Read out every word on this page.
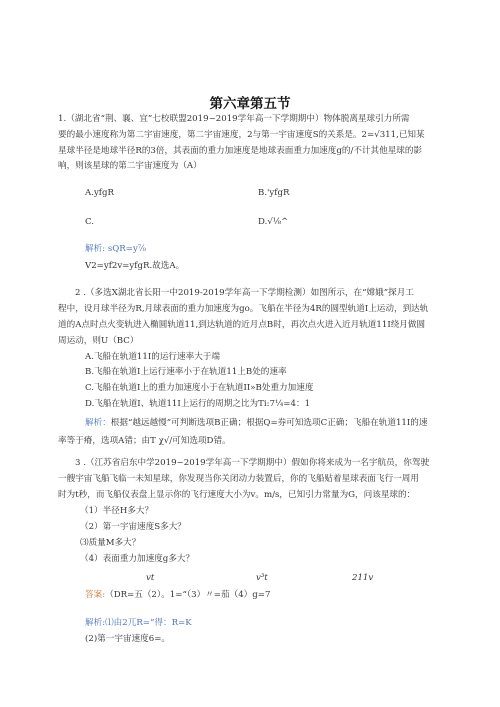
第六章第五节
1.（湖北省“荆、襄、宜”七校联盟2019~2019学年高一下学期期中）物体脱离星球引力所需
要的最小速度称为第二宇宙速度，第二宇宙速度，2与第一宇宙速度S的关系是。2=√311,已知某
星球半径是地球半径R的3倍，其表面的重力加速度是地球表面重力加速度g的/不计其他星球的影
响，则该星球的第二宇宙速度为（A）
A.yfgR	B.'yfgR
C.	D.√⅛^
解析: sQR=y⅞
V2=yf2v=yfgR.故选A。
2 .（多选X湖北省长阳一中2019-2019学年高一下学期检测）如图所示，在“嫦娥”探月工
程中，设月球半径为R,月球表面的重力加速度为go。飞船在半径为4R的圆型轨道I上运动，到达轨
道的A点时点火变轨进入椭圆轨道11,到达轨道的近月点B时，再次点火进入近月轨道11I绕月做圆
周运动，则U（BC）
A.飞船在轨道11I的运行速率大于端
B.飞船在轨道I上运行速率小于在轨道11上B处的速率
C.飞船在轨道I上的重力加速度小于在轨道II»B处重力加速度
D.飞船在轨道I、轨道11I上运行的周期之比为Ti:7¼=4：1
解析：根据“越远越慢”可判断选项B正确；根据Q=券可知选项C正确；飞船在轨道11I的速
率等于瘠，选项A错；由T χ√/可知选项D错。
3 .（江苏省启东中学2019~2019学年高一下学期期中）假如你将来成为一名宇航员，你驾驶
一艘宇宙飞船飞临一未知星球，你发现当你关闭动力装置后，你的飞船贴着星球表面飞行一周用
时为t秒，而飞船仪表盘上显示你的飞行速度大小为v。m/s，已知引力常量为G，问该星球的：
（1）半径H多大？
（2）第一宇宙速度S多大？
⑶质量M多大？
（4）表面重力加速度g多大？
vt	v³t	211v
答案:（DR=五（2）。1=“（3）〃=茄（4）g=7
解析:⑴由2兀R=“得：R=K
(2)第一宇宙速度6=。
